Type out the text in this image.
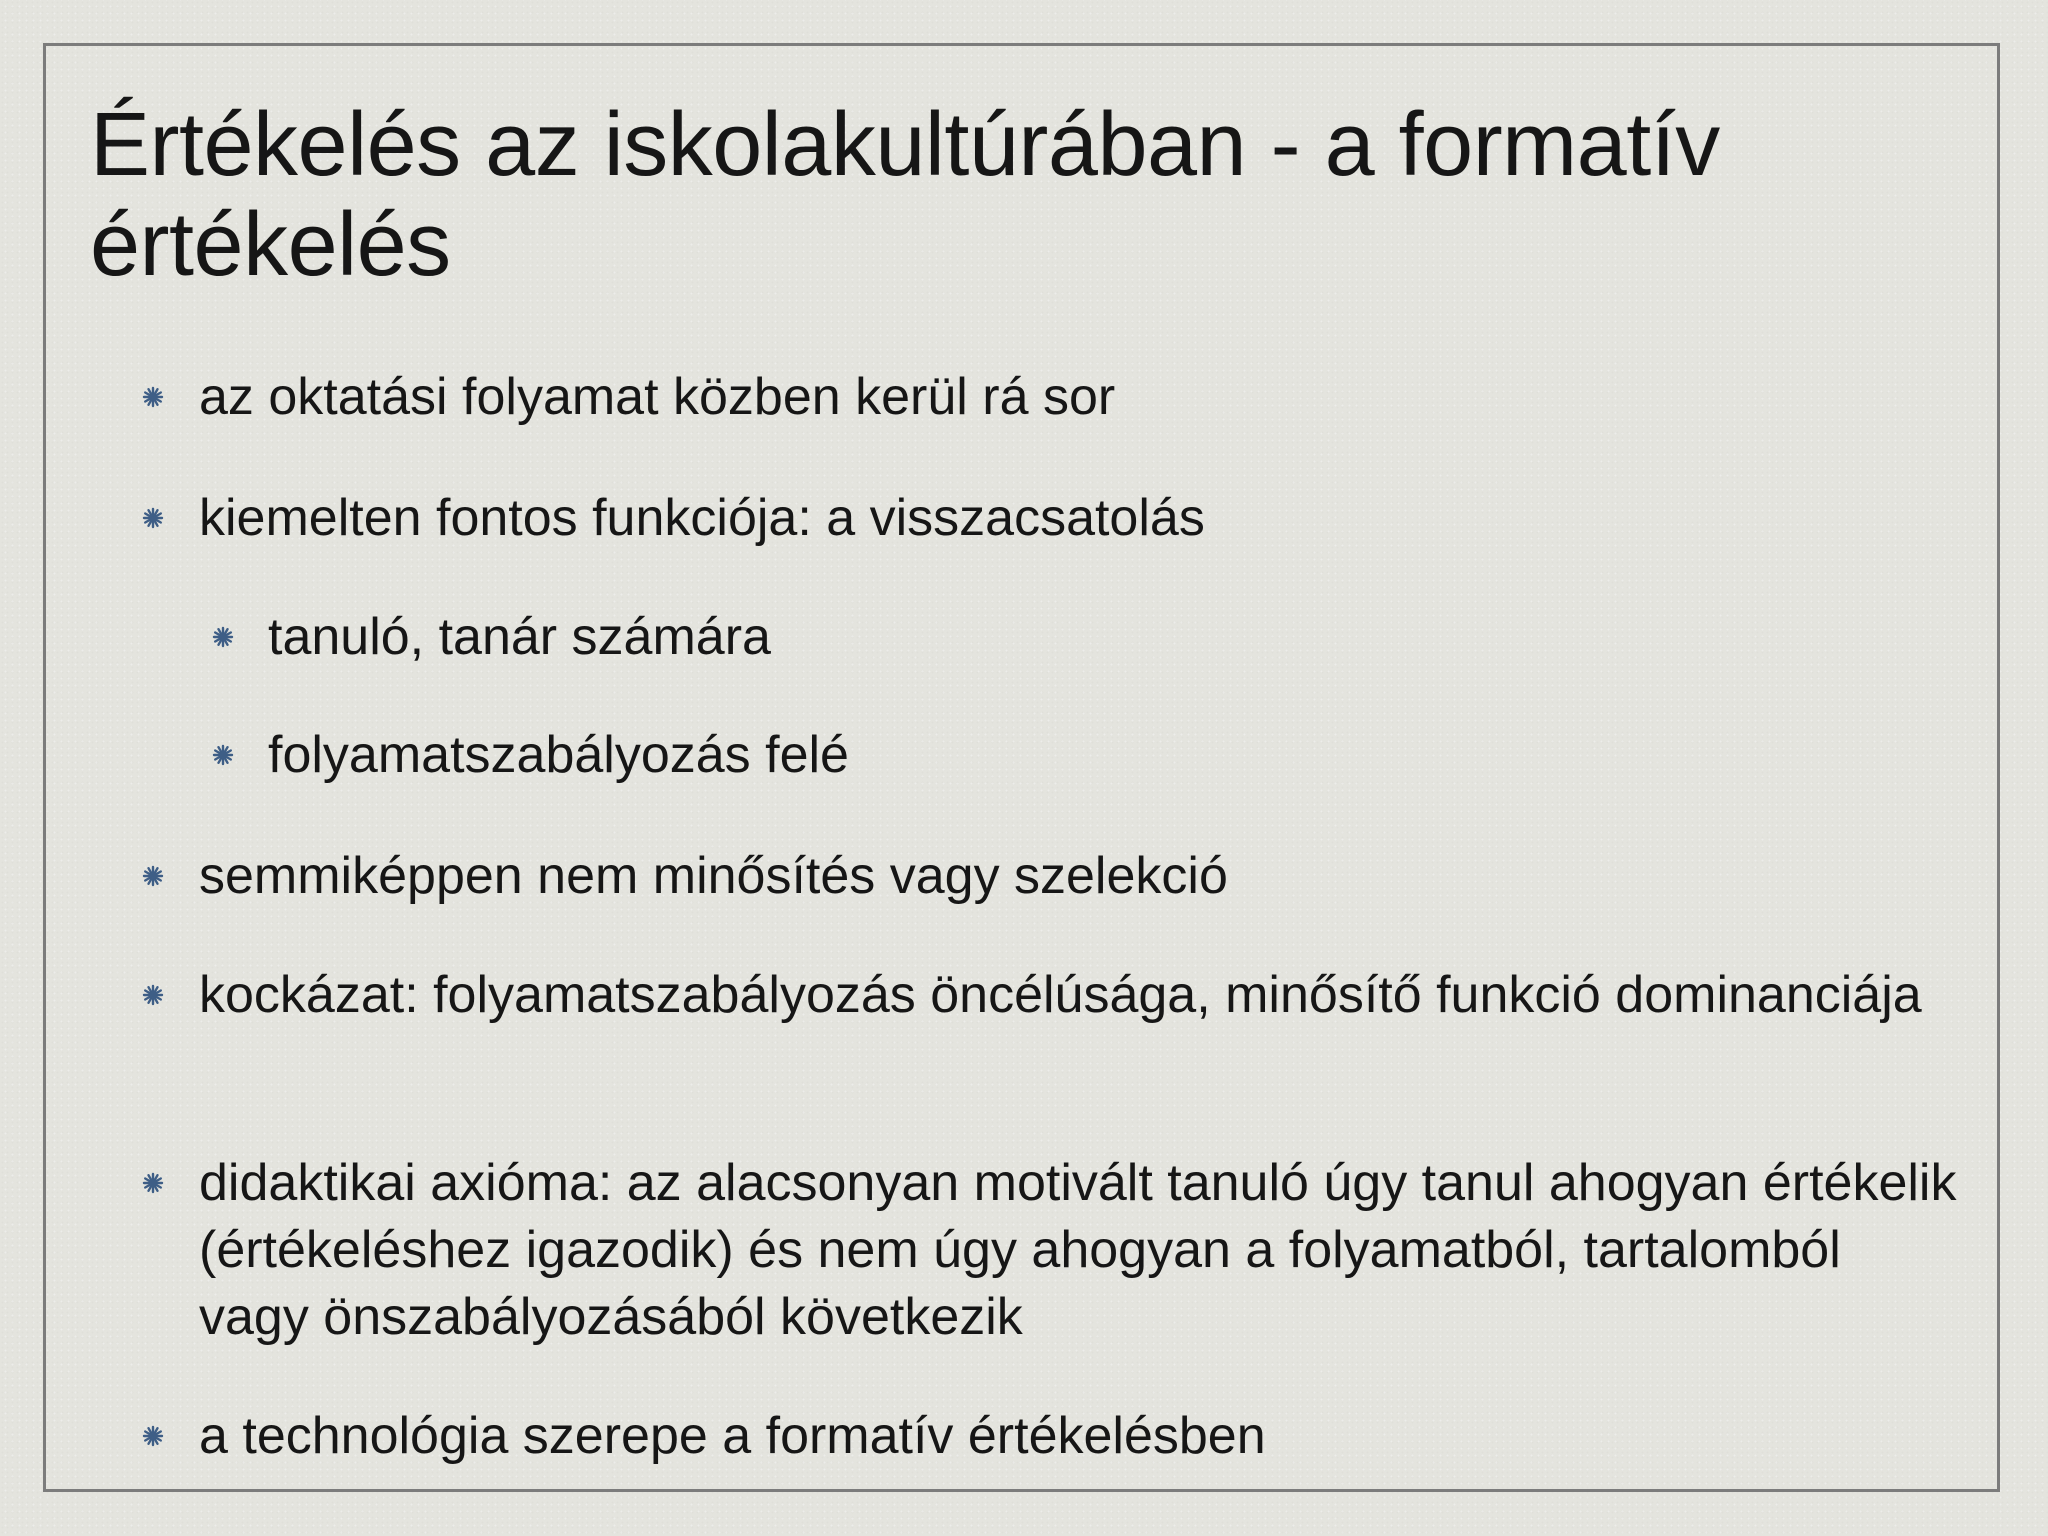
Értékelés az iskolakultúrában - a formatív értékelés
az oktatási folyamat közben kerül rá sor
kiemelten fontos funkciója: a visszacsatolás
tanuló, tanár számára
folyamatszabályozás felé
semmiképpen nem minősítés vagy szelekció
kockázat: folyamatszabályozás öncélúsága, minősítő funkció dominanciája
didaktikai axióma: az alacsonyan motivált tanuló úgy tanul ahogyan értékelik (értékeléshez igazodik) és nem úgy ahogyan a folyamatból, tartalomból vagy önszabályozásából következik
a technológia szerepe a formatív értékelésben
